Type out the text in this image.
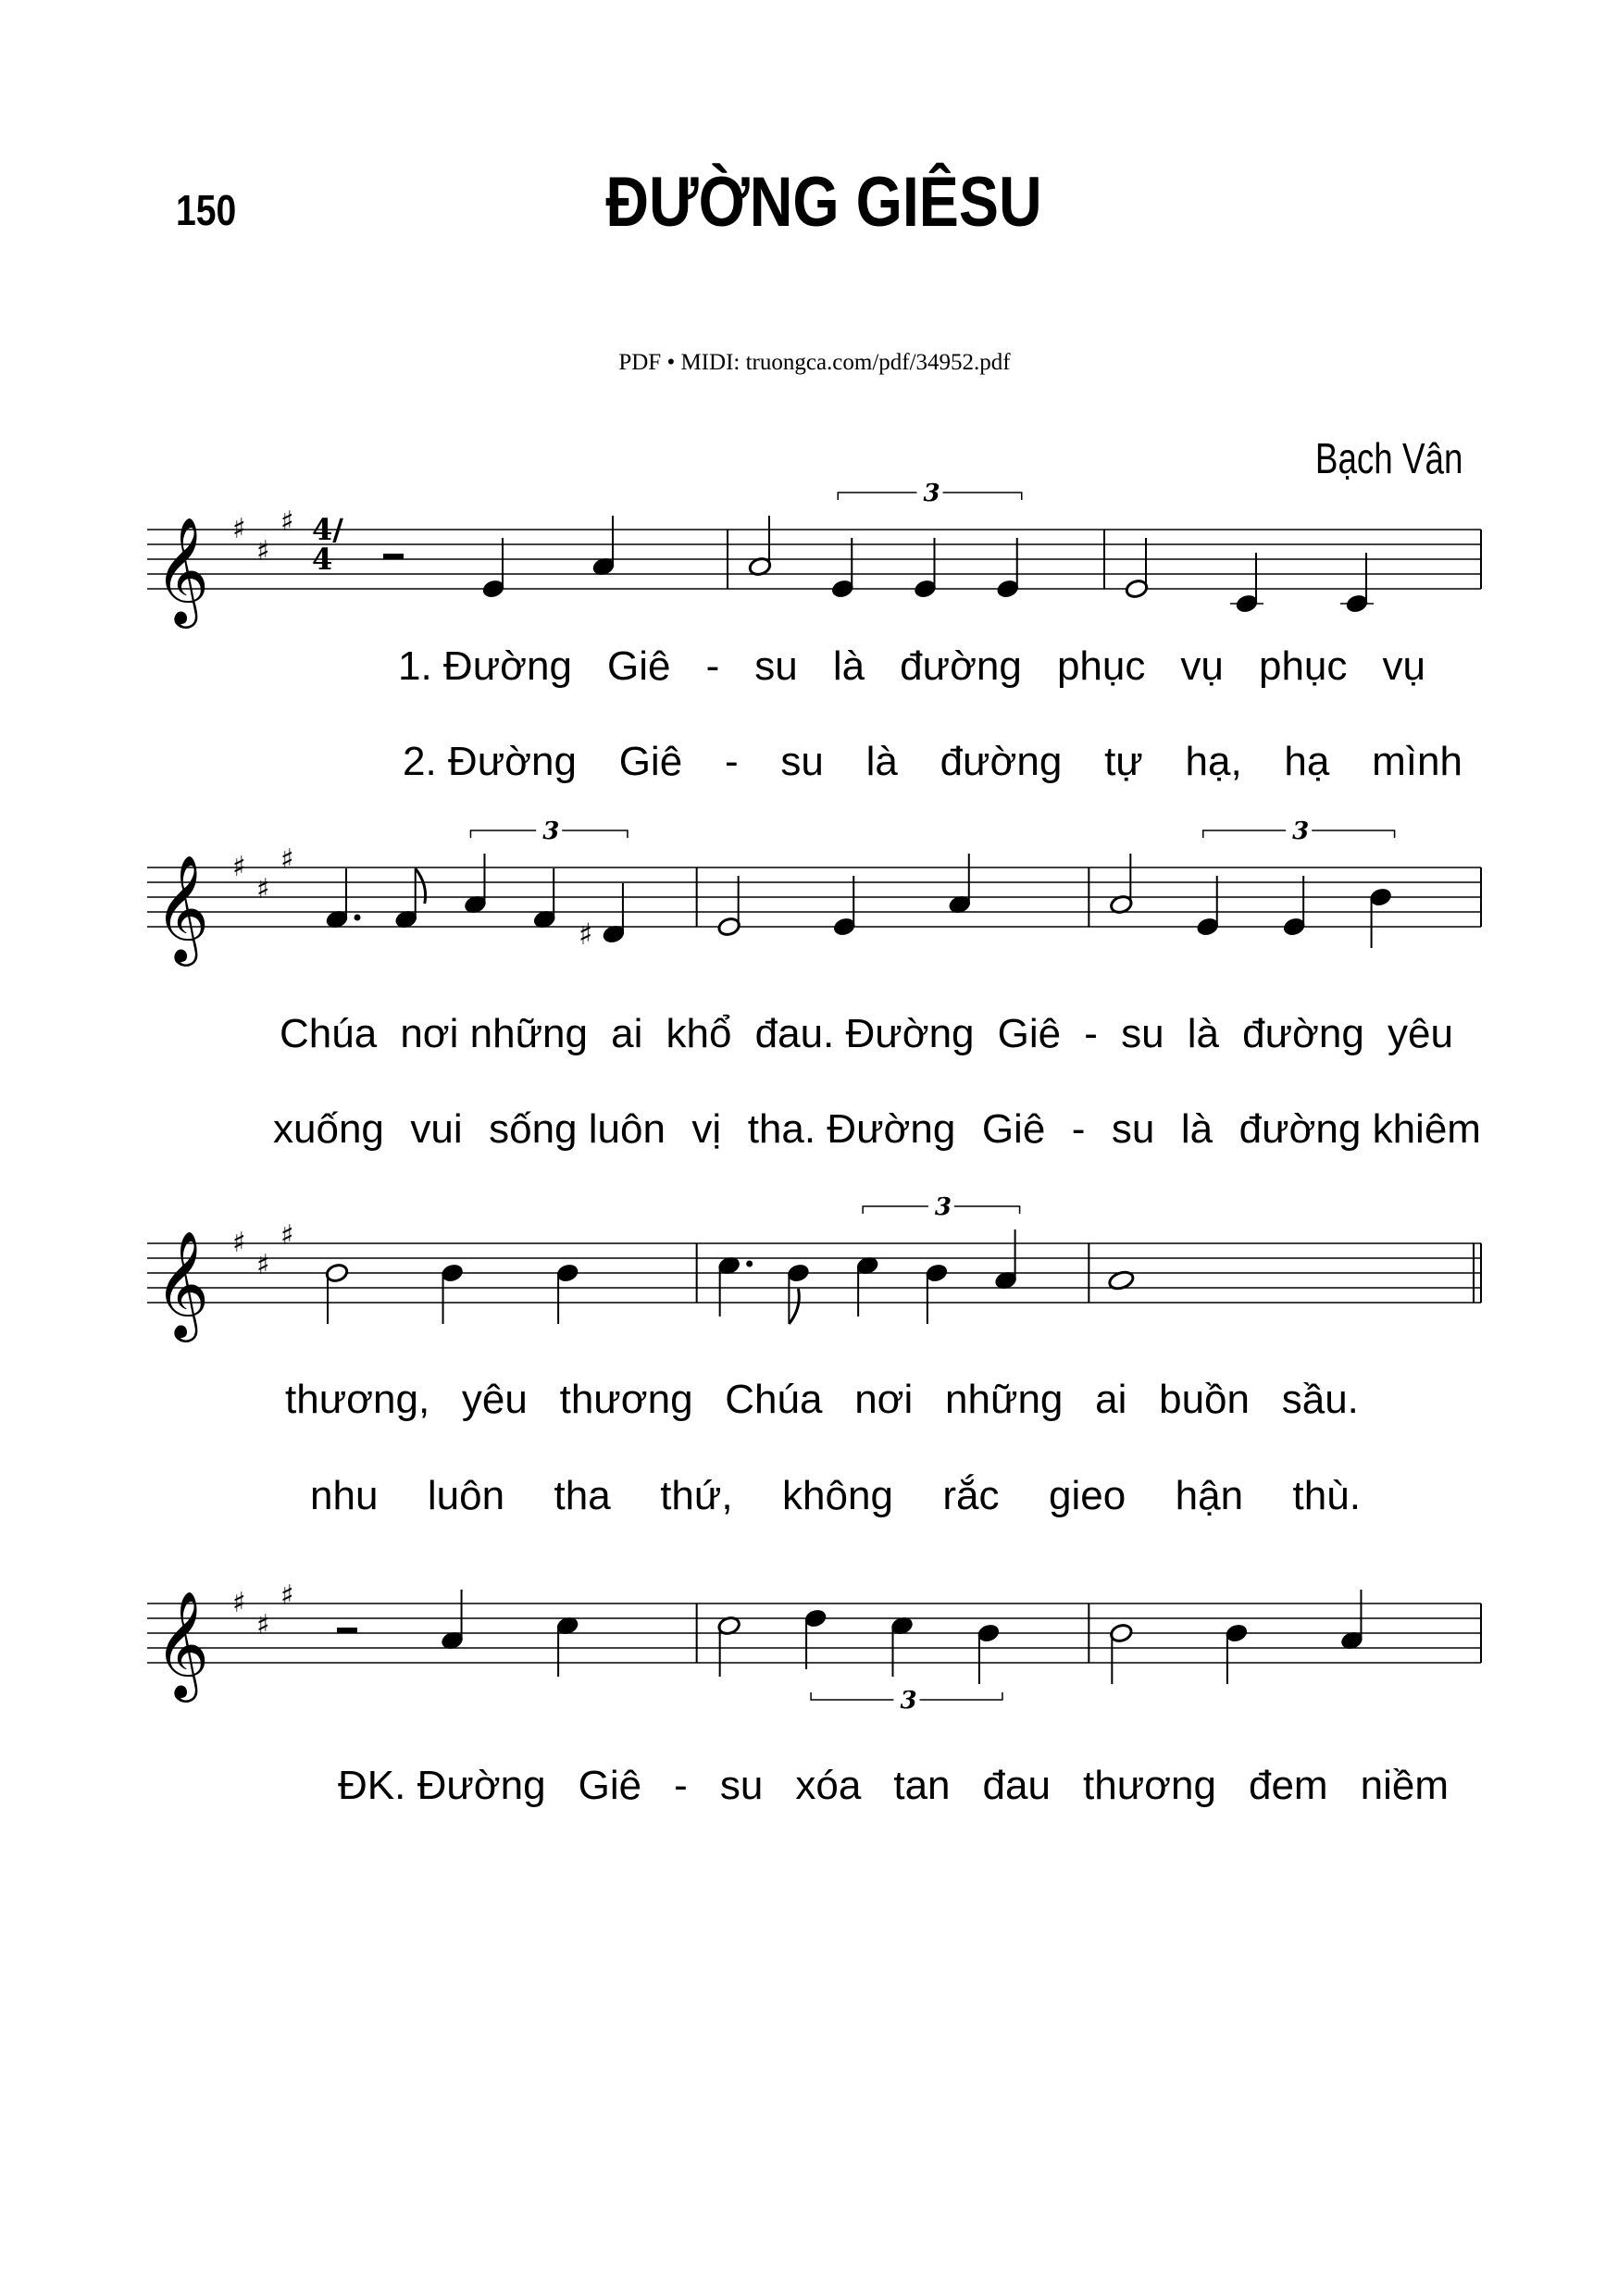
150	ĐƯỜNG GIÊSU
PDF • MIDI: truongca.com/pdf/34952.pdf
Bạch Vân
𝄞 ♯
♯
♯
3
𝄞 ♯
♯
♯
♯
3	3
𝄞 ♯
♯
♯
3
𝄞 ♯
♯
♯
3
4/4
1. Đường Giê - su là đường phục vụ phục vụ
2. Đường Giê - su là đường tự hạ, hạ mình
Chúa nơi những ai khổ đau. Đường Giê - su là đường yêu
xuống vui sống luôn vị tha. Đường Giê - su là đường khiêm
thương, yêu thương Chúa nơi những ai buồn sầu.
nhu luôn tha thứ, không rắc gieo hận thù.
ĐK. Đường Giê - su xóa tan đau thương đem niềm
